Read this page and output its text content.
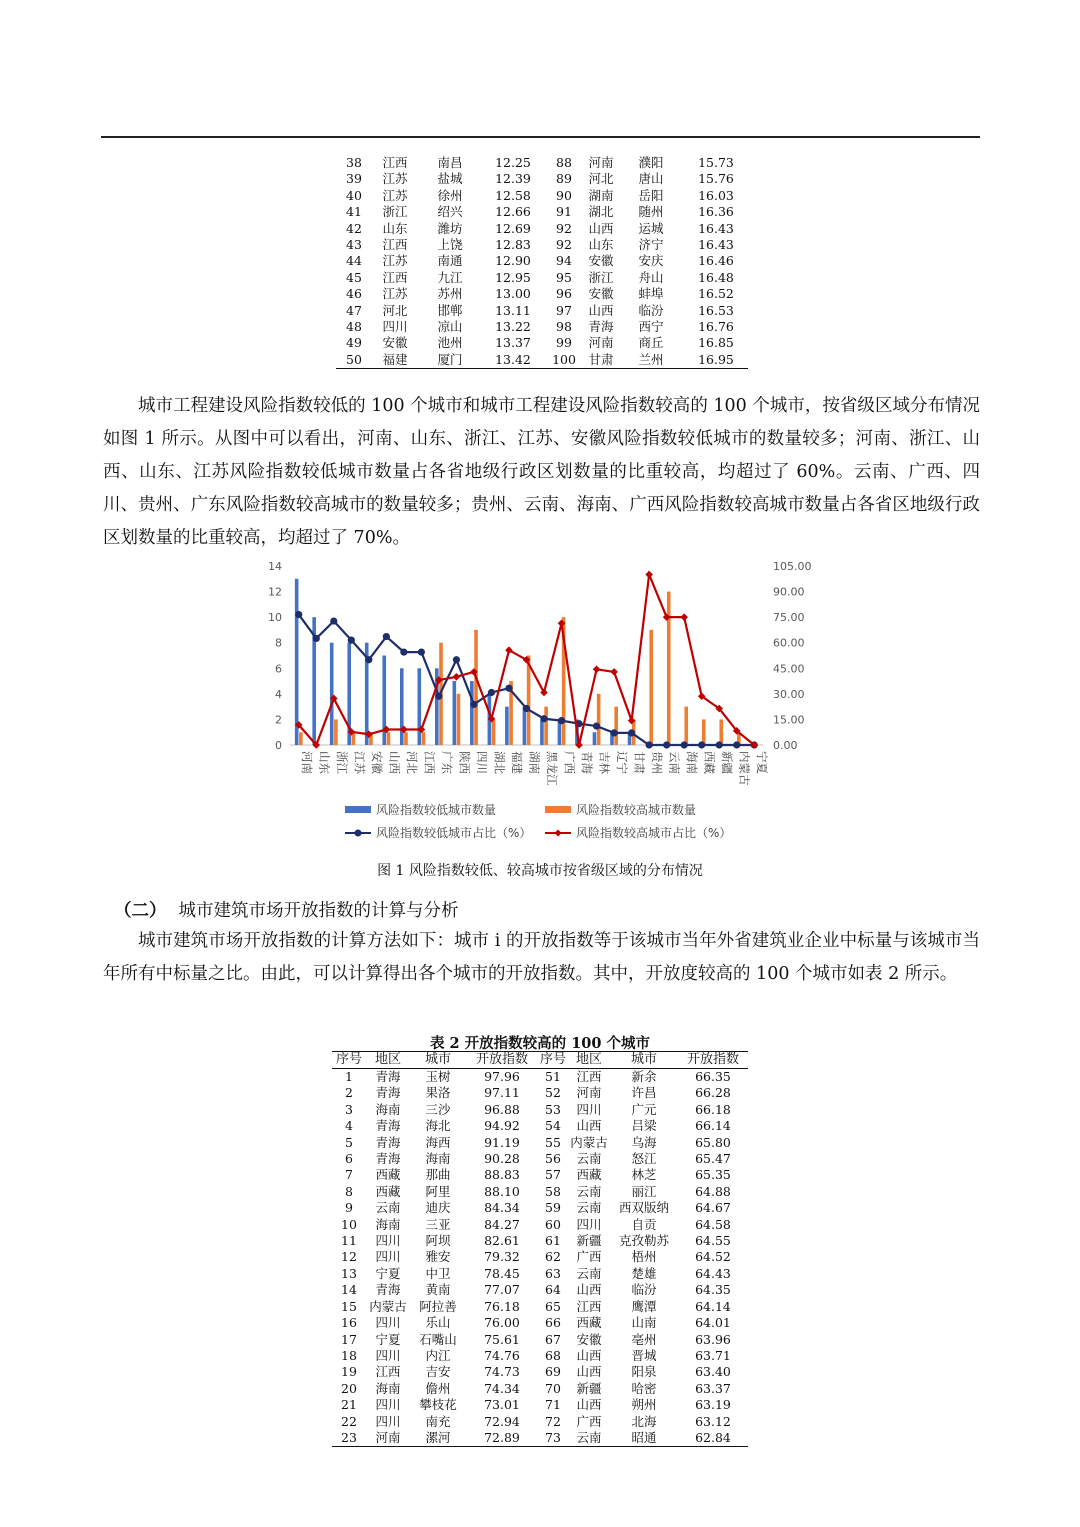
38	江西	南昌	12.25	88	河南	濮阳	15.73
39	江苏	盐城	12.39	89	河北	唐山	15.76
40	江苏	徐州	12.58	90	湖南	岳阳	16.03
41	浙江	绍兴	12.66	91	湖北	随州	16.36
42	山东	潍坊	12.69	92	山西	运城	16.43
43	江西	上饶	12.83	92	山东	济宁	16.43
44	江苏	南通	12.90	94	安徽	安庆	16.46
45	江西	九江	12.95	95	浙江	舟山	16.48
46	江苏	苏州	13.00	96	安徽	蚌埠	16.52
47	河北	邯郸	13.11	97	山西	临汾	16.53
48	四川	凉山	13.22	98	青海	西宁	16.76
49	安徽	池州	13.37	99	河南	商丘	16.85
50	福建	厦门	13.42	100	甘肃	兰州	16.95

城市工程建设风险指数较低的 100 个城市和城市工程建设风险指数较高的 100 个城市，按省级区域分布情况如图 1 所示。从图中可以看出，河南、山东、浙江、江苏、安徽风险指数较低城市的数量较多；河南、浙江、山西、山东、江苏风险指数较低城市数量占各省地级行政区划数量的比重较高，均超过了 60%。云南、广西、四川、贵州、广东风险指数较高城市的数量较多；贵州、云南、海南、广西风险指数较高城市数量占各省区地级行政区划数量的比重较高，均超过了 70%。

0
2
4
6
8
10
12
14
0.00
15.00
30.00
45.00
60.00
75.00
90.00
105.00
河南 山东 浙江 江苏 安徽 山西 河北 江西 广东 陕西 四川 湖北 福建 湖南 黑龙江 广西 青海 吉林 辽宁 甘肃 贵州 云南 海南 西藏 新疆 内蒙古 宁夏
风险指数较低城市数量	风险指数较高城市数量
风险指数较低城市占比（%）	风险指数较高城市占比（%）
图 1 风险指数较低、较高城市按省级区域的分布情况
（二） 城市建筑市场开放指数的计算与分析

城市建筑市场开放指数的计算方法如下：城市 i 的开放指数等于该城市当年外省建筑业企业中标量与该城市当年所有中标量之比。由此，可以计算得出各个城市的开放指数。其中，开放度较高的 100 个城市如表 2 所示。

表 2 开放指数较高的 100 个城市
序号	地区	城市	开放指数	序号	地区	城市	开放指数
1	青海	玉树	97.96	51	江西	新余	66.35
2	青海	果洛	97.11	52	河南	许昌	66.28
3	海南	三沙	96.88	53	四川	广元	66.18
4	青海	海北	94.92	54	山西	吕梁	66.14
5	青海	海西	91.19	55	内蒙古	乌海	65.80
6	青海	海南	90.28	56	云南	怒江	65.47
7	西藏	那曲	88.83	57	西藏	林芝	65.35
8	西藏	阿里	88.10	58	云南	丽江	64.88
9	云南	迪庆	84.34	59	云南	西双版纳	64.67
10	海南	三亚	84.27	60	四川	自贡	64.58
11	四川	阿坝	82.61	61	新疆	克孜勒苏	64.55
12	四川	雅安	79.32	62	广西	梧州	64.52
13	宁夏	中卫	78.45	63	云南	楚雄	64.43
14	青海	黄南	77.07	64	山西	临汾	64.35
15	内蒙古	阿拉善	76.18	65	江西	鹰潭	64.14
16	四川	乐山	76.00	66	西藏	山南	64.01
17	宁夏	石嘴山	75.61	67	安徽	亳州	63.96
18	四川	内江	74.76	68	山西	晋城	63.71
19	江西	吉安	74.73	69	山西	阳泉	63.40
20	海南	儋州	74.34	70	新疆	哈密	63.37
21	四川	攀枝花	73.01	71	山西	朔州	63.19
22	四川	南充	72.94	72	广西	北海	63.12
23	河南	漯河	72.89	73	云南	昭通	62.84
